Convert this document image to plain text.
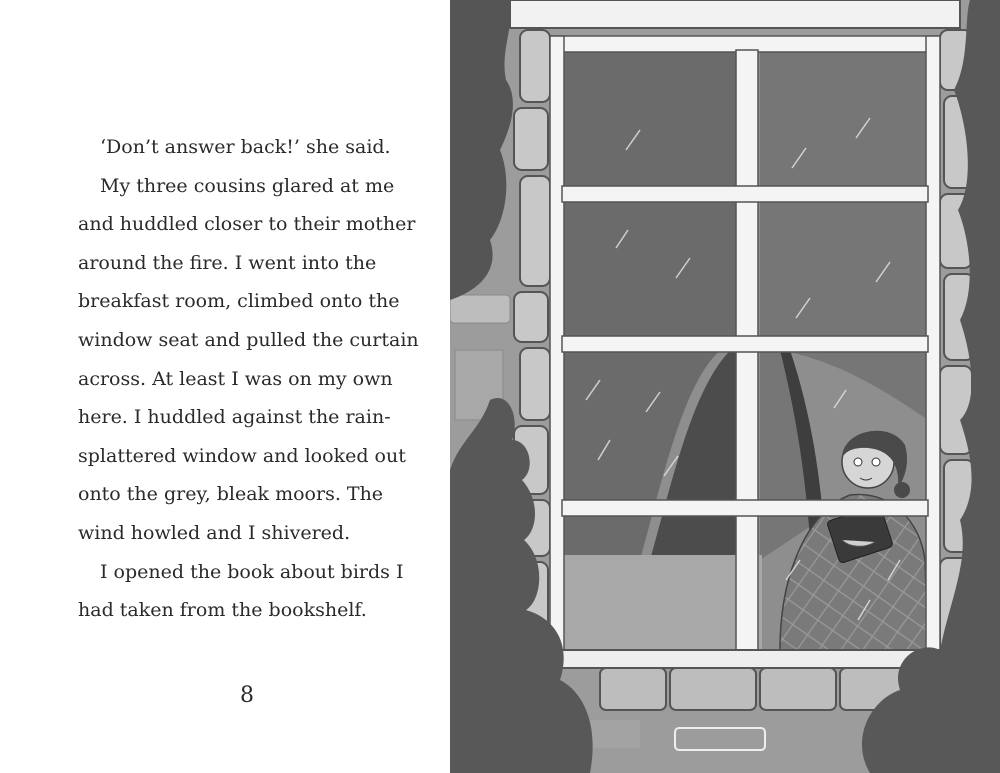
‘Don’t answer back!’ she said.
My three cousins glared at me
and huddled closer to their mother
around the fire. I went into the
breakfast room, climbed onto the
window seat and pulled the curtain
across. At least I was on my own
here. I huddled against the rain-
splattered window and looked out
onto the grey, bleak moors. The
wind howled and I shivered.
I opened the book about birds I
had taken from the bookshelf.
8
